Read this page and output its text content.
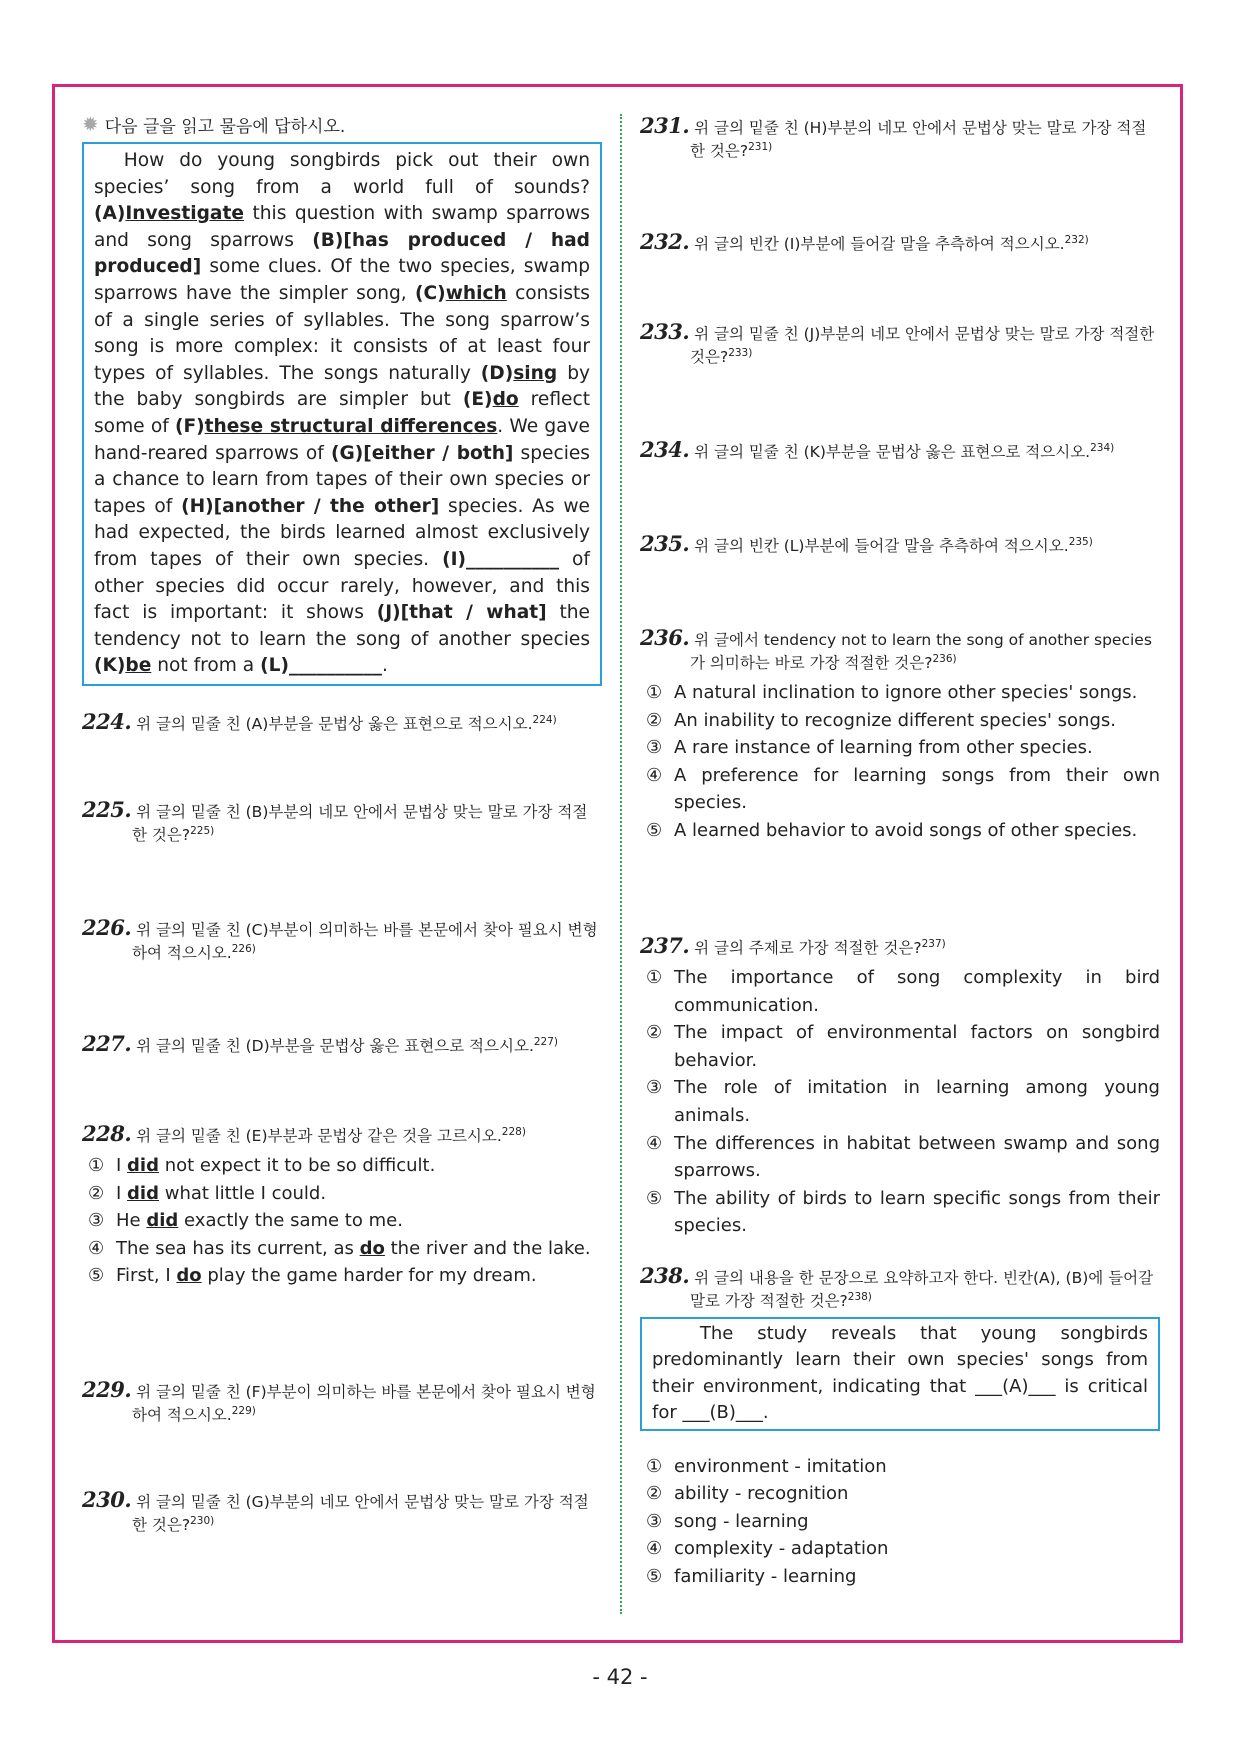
✹ 다음 글을 읽고 물음에 답하시오.
How do young songbirds pick out their own species’ song from a world full of sounds? (A)Investigate this question with swamp sparrows and song sparrows (B)[has produced / had produced] some clues. Of the two species, swamp sparrows have the simpler song, (C)which consists of a single series of syllables. The song sparrow’s song is more complex: it consists of at least four types of syllables. The songs naturally (D)sing by the baby songbirds are simpler but (E)do reflect some of (F)these structural differences. We gave hand-reared sparrows of (G)[either / both] species a chance to learn from tapes of their own species or tapes of (H)[another / the other] species. As we had expected, the birds learned almost exclusively from tapes of their own species. (I)__________ of other species did occur rarely, however, and this fact is important: it shows (J)[that / what] the tendency not to learn the song of another species (K)be not from a (L)__________.
224 . 위 글의 밑줄 친 (A)부분을 문법상 옳은 표현으로 적으시오.$^{224)}$
225 . 위 글의 밑줄 친 (B)부분의 네모 안에서 문법상 맞는 말로 가장 적절한 것은?$^{225)}$
226 . 위 글의 밑줄 친 (C)부분이 의미하는 바를 본문에서 찾아 필요시 변형하여 적으시오.$^{226)}$
227 . 위 글의 밑줄 친 (D)부분을 문법상 옳은 표현으로 적으시오.$^{227)}$
228 . 위 글의 밑줄 친 (E)부분과 문법상 같은 것을 고르시오.$^{228)}$
① I did not expect it to be so difficult.
② I did what little I could.
③ He did exactly the same to me.
④ The sea has its current, as do the river and the lake.
⑤ First, I do play the game harder for my dream.
229 . 위 글의 밑줄 친 (F)부분이 의미하는 바를 본문에서 찾아 필요시 변형하여 적으시오.$^{229)}$
230 . 위 글의 밑줄 친 (G)부분의 네모 안에서 문법상 맞는 말로 가장 적절한 것은?$^{230)}$
231 . 위 글의 밑줄 친 (H)부분의 네모 안에서 문법상 맞는 말로 가장 적절한 것은?$^{231)}$
232 . 위 글의 빈칸 (I)부분에 들어갈 말을 추측하여 적으시오.$^{232)}$
233 . 위 글의 밑줄 친 (J)부분의 네모 안에서 문법상 맞는 말로 가장 적절한 것은?$^{233)}$
234 . 위 글의 밑줄 친 (K)부분을 문법상 옳은 표현으로 적으시오.$^{234)}$
235 . 위 글의 빈칸 (L)부분에 들어갈 말을 추측하여 적으시오.$^{235)}$
236 . 위 글에서 tendency not to learn the song of another species가 의미하는 바로 가장 적절한 것은?$^{236)}$
① A natural inclination to ignore other species' songs.
② An inability to recognize different species' songs.
③ A rare instance of learning from other species.
④ A preference for learning songs from their own species.
⑤ A learned behavior to avoid songs of other species.
237 . 위 글의 주제로 가장 적절한 것은?$^{237)}$
① The importance of song complexity in bird communication.
② The impact of environmental factors on songbird behavior.
③ The role of imitation in learning among young animals.
④ The differences in habitat between swamp and song sparrows.
⑤ The ability of birds to learn specific songs from their species.
238 . 위 글의 내용을 한 문장으로 요약하고자 한다. 빈칸(A), (B)에 들어갈 말로 가장 적절한 것은?$^{238)}$
The study reveals that young songbirds predominantly learn their own species' songs from their environment, indicating that ___(A)___ is critical for ___(B)___.
① environment - imitation
② ability - recognition
③ song - learning
④ complexity - adaptation
⑤ familiarity - learning
- 42 -
